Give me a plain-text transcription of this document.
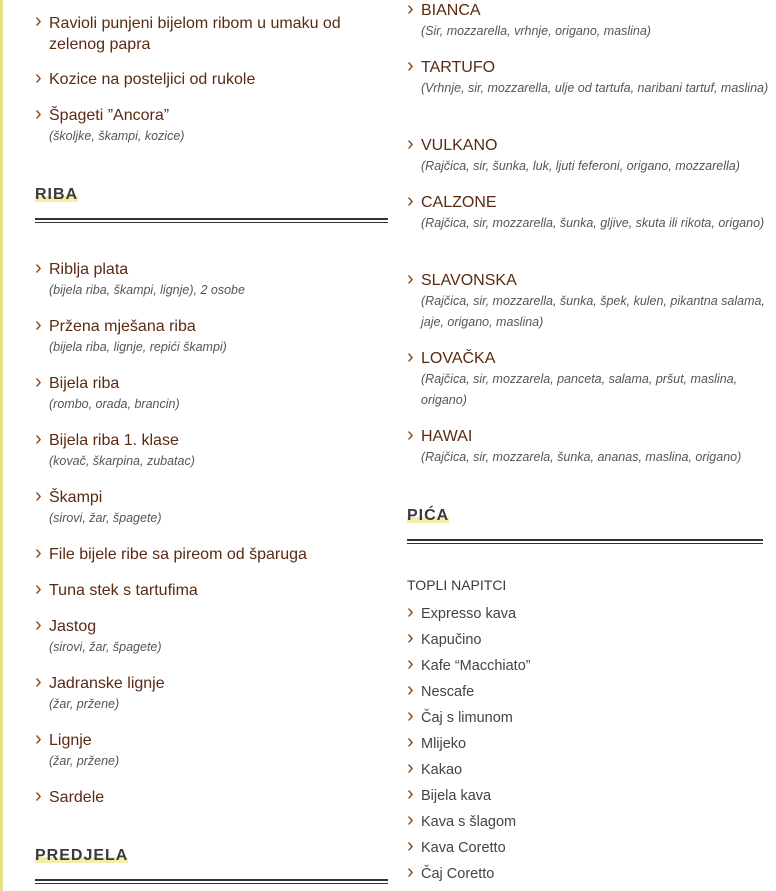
› Ravioli punjeni bijelom ribom u umaku od zelenog papra
› Kozice na posteljici od rukole
› Špageti ”Ancora”
(školjke, škampi, kozice)
RIBA
› Riblja plata
(bijela riba, škampi, lignje), 2 osobe
› Pržena mješana riba
(bijela riba, lignje, repići škampi)
› Bijela riba
(rombo, orada, brancin)
› Bijela riba 1. klase
(kovač, škarpina, zubatac)
› Škampi
(sirovi, žar, špagete)
› File bijele ribe sa pireom od šparuga
› Tuna stek s tartufima
› Jastog
(sirovi, žar, špagete)
› Jadranske lignje
(žar, pržene)
› Lignje
(žar, pržene)
› Sardele
PREDJELA
› BIANCA
(Sir, mozzarella, vrhnje, origano, maslina)
› TARTUFO
(Vrhnje, sir, mozzarella, ulje od tartufa, naribani tartuf, maslina)
› VULKANO
(Rajčica, sir, šunka, luk, ljuti feferoni, origano, mozzarella)
› CALZONE
(Rajčica, sir, mozzarella, šunka, gljive, skuta ili rikota, origano)
› SLAVONSKA
(Rajčica, sir, mozzarella, šunka, špek, kulen, pikantna salama, jaje, origano, maslina)
› LOVAČKA
(Rajčica, sir, mozzarela, panceta, salama, pršut, maslina, origano)
› HAWAI
(Rajčica, sir, mozzarela, šunka, ananas, maslina, origano)
PIĆA
TOPLI NAPITCI
› Expresso kava
› Kapučino
› Kafe “Macchiato”
› Nescafe
› Čaj s limunom
› Mlijeko
› Kakao
› Bijela kava
› Kava s šlagom
› Kava Coretto
› Čaj Coretto
